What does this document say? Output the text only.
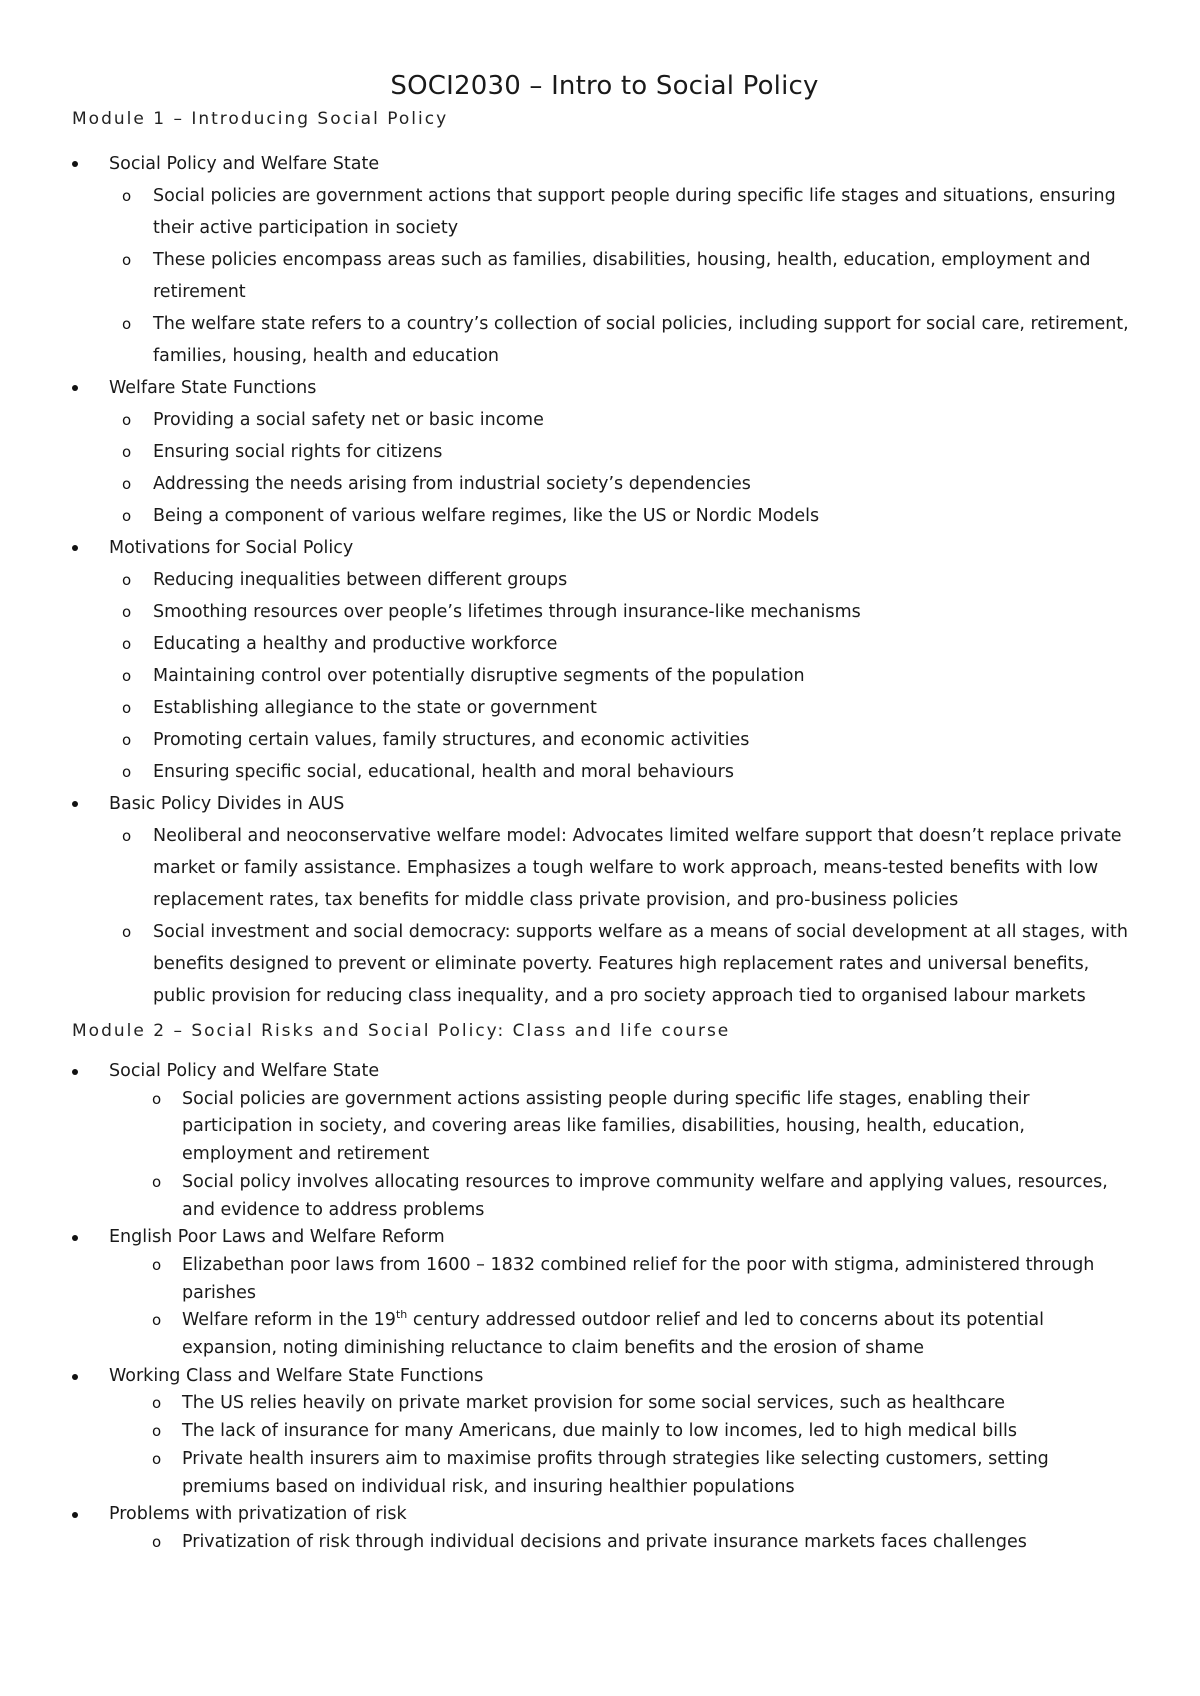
SOCI2030 – Intro to Social Policy
Module 1 – Introducing Social Policy
Social Policy and Welfare State
o Social policies are government actions that support people during specific life stages and situations, ensuring their active participation in society
o These policies encompass areas such as families, disabilities, housing, health, education, employment and retirement
o The welfare state refers to a country’s collection of social policies, including support for social care, retirement, families, housing, health and education
Welfare State Functions
o Providing a social safety net or basic income
o Ensuring social rights for citizens
o Addressing the needs arising from industrial society’s dependencies
o Being a component of various welfare regimes, like the US or Nordic Models
Motivations for Social Policy
o Reducing inequalities between different groups
o Smoothing resources over people’s lifetimes through insurance-like mechanisms
o Educating a healthy and productive workforce
o Maintaining control over potentially disruptive segments of the population
o Establishing allegiance to the state or government
o Promoting certain values, family structures, and economic activities
o Ensuring specific social, educational, health and moral behaviours
Basic Policy Divides in AUS
o Neoliberal and neoconservative welfare model: Advocates limited welfare support that doesn’t replace private market or family assistance. Emphasizes a tough welfare to work approach, means-tested benefits with low replacement rates, tax benefits for middle class private provision, and pro-business policies
o Social investment and social democracy: supports welfare as a means of social development at all stages, with benefits designed to prevent or eliminate poverty. Features high replacement rates and universal benefits, public provision for reducing class inequality, and a pro society approach tied to organised labour markets
Module 2 – Social Risks and Social Policy: Class and life course
Social Policy and Welfare State
o Social policies are government actions assisting people during specific life stages, enabling their participation in society, and covering areas like families, disabilities, housing, health, education, employment and retirement
o Social policy involves allocating resources to improve community welfare and applying values, resources, and evidence to address problems
English Poor Laws and Welfare Reform
o Elizabethan poor laws from 1600 – 1832 combined relief for the poor with stigma, administered through parishes
o Welfare reform in the 19th century addressed outdoor relief and led to concerns about its potential expansion, noting diminishing reluctance to claim benefits and the erosion of shame
Working Class and Welfare State Functions
o The US relies heavily on private market provision for some social services, such as healthcare
o The lack of insurance for many Americans, due mainly to low incomes, led to high medical bills
o Private health insurers aim to maximise profits through strategies like selecting customers, setting premiums based on individual risk, and insuring healthier populations
Problems with privatization of risk
o Privatization of risk through individual decisions and private insurance markets faces challenges
